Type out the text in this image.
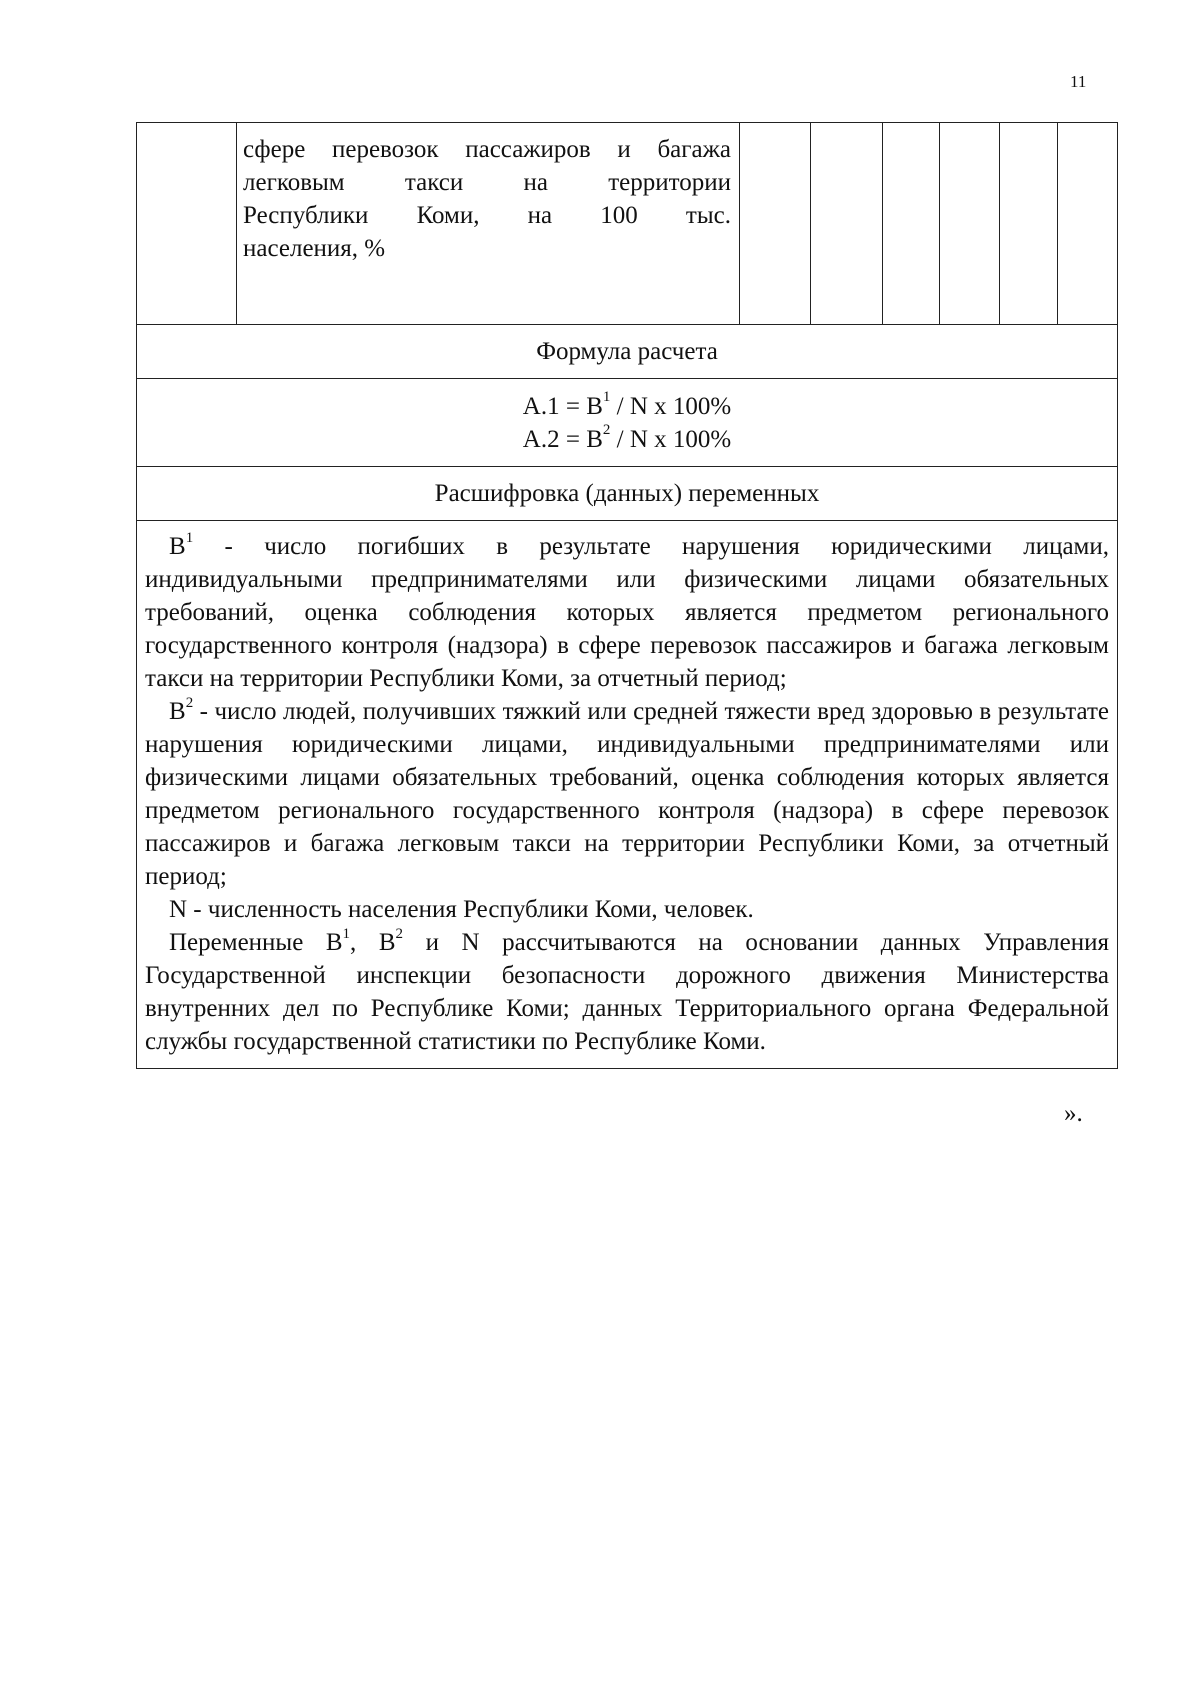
11

сфере перевозок пассажиров и багажа
легковым такси на территории
Республики Коми, на 100 тыс.
населения, %

Формула расчета

$А.1 = В^1 / N$ x 100%
$А.2 = В^2 / N$ x 100%

Расшифровка (данных) переменных

$В^1$ - число погибших в результате нарушения юридическими лицами, индивидуальными предпринимателями или физическими лицами обязательных требований, оценка соблюдения которых является предметом регионального государственного контроля (надзора) в сфере перевозок пассажиров и багажа легковым такси на территории Республики Коми, за отчетный период;

$В^2$ - число людей, получивших тяжкий или средней тяжести вред здоровью в результате нарушения юридическими лицами, индивидуальными предпринимателями или физическими лицами обязательных требований, оценка соблюдения которых является предметом регионального государственного контроля (надзора) в сфере перевозок пассажиров и багажа легковым такси на территории Республики Коми, за отчетный период;

N - численность населения Республики Коми, человек.

Переменные $В^1$, $В^2$ и N рассчитываются на основании данных Управления Государственной инспекции безопасности дорожного движения Министерства внутренних дел по Республике Коми; данных Территориального органа Федеральной службы государственной статистики по Республике Коми.

».
